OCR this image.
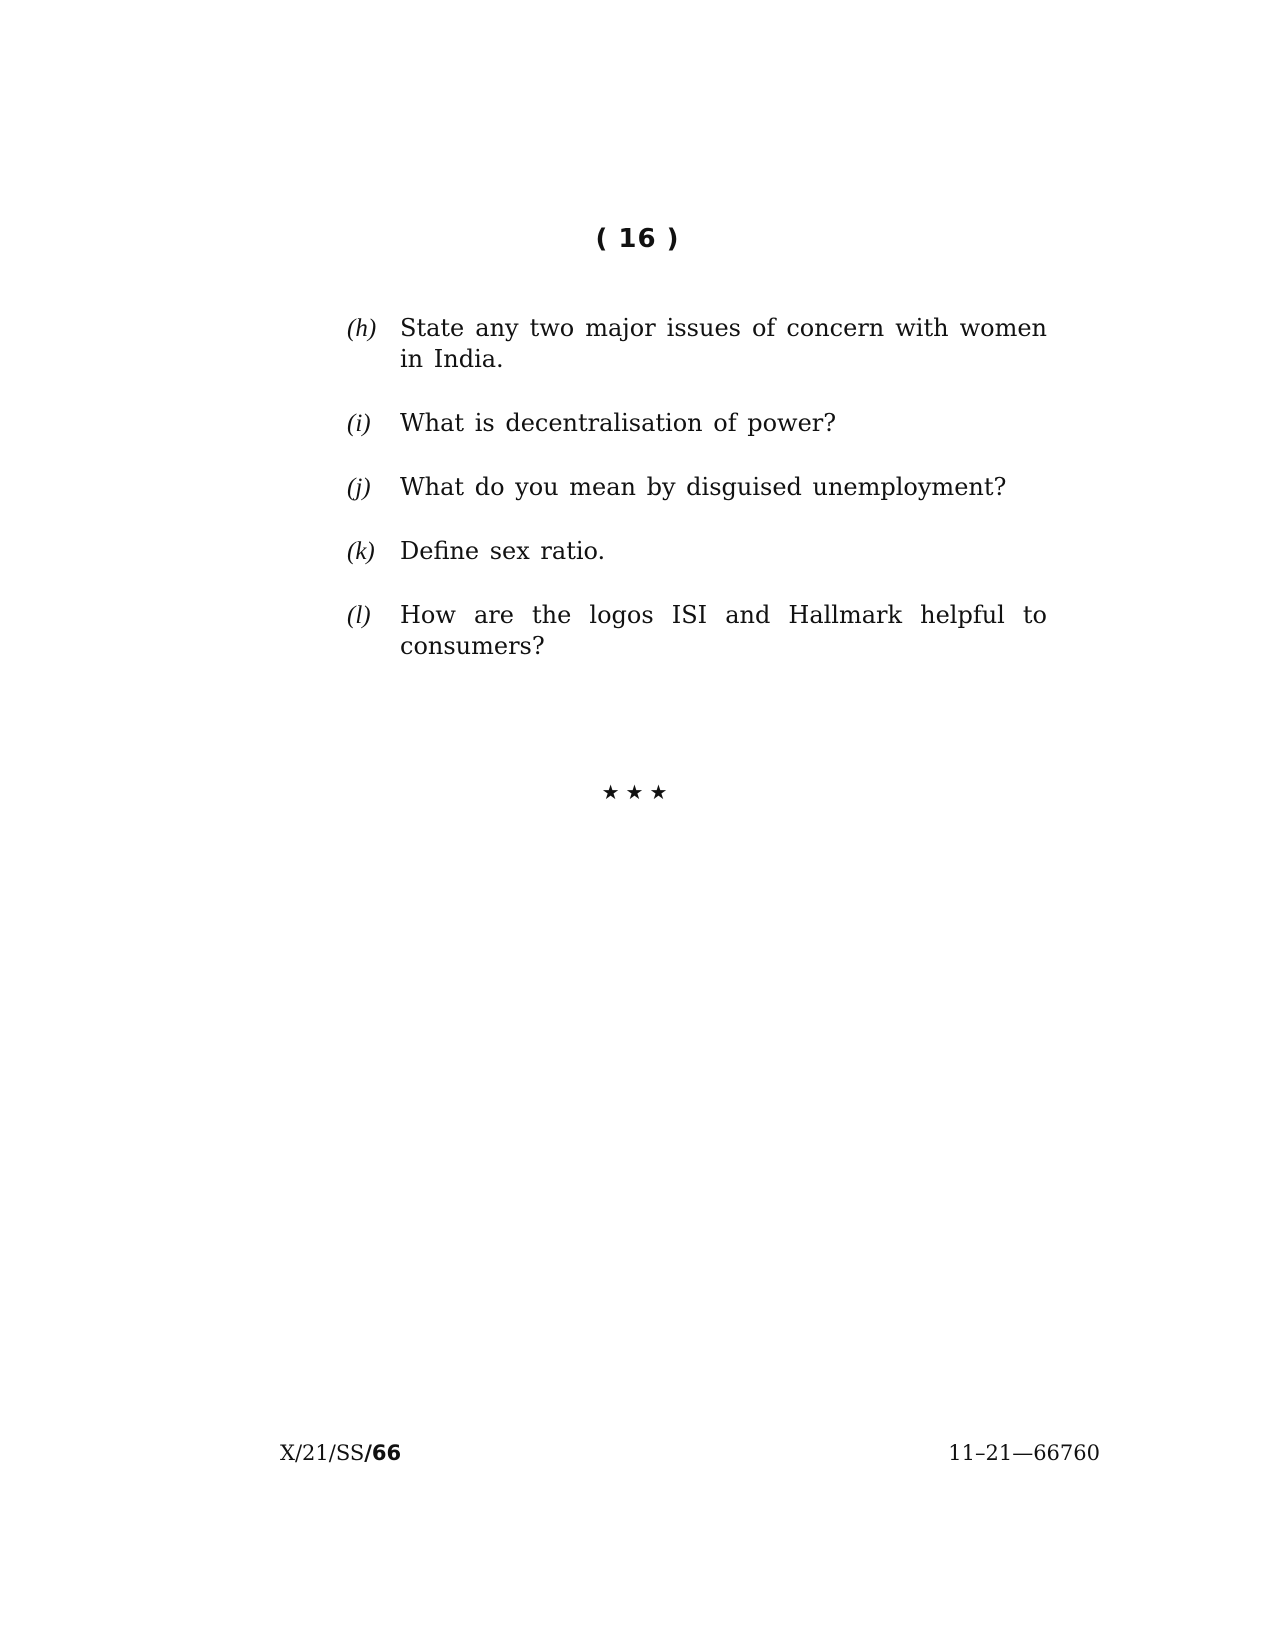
( 16 )
(h) State any two major issues of concern with women in India.
(i)	What is decentralisation of power?
(j)	What do you mean by disguised unemployment?
(k)	Define sex ratio.
(l)	How are the logos ISI and Hallmark helpful to consumers?
★★★
X/21/SS/66	11–21—66760
